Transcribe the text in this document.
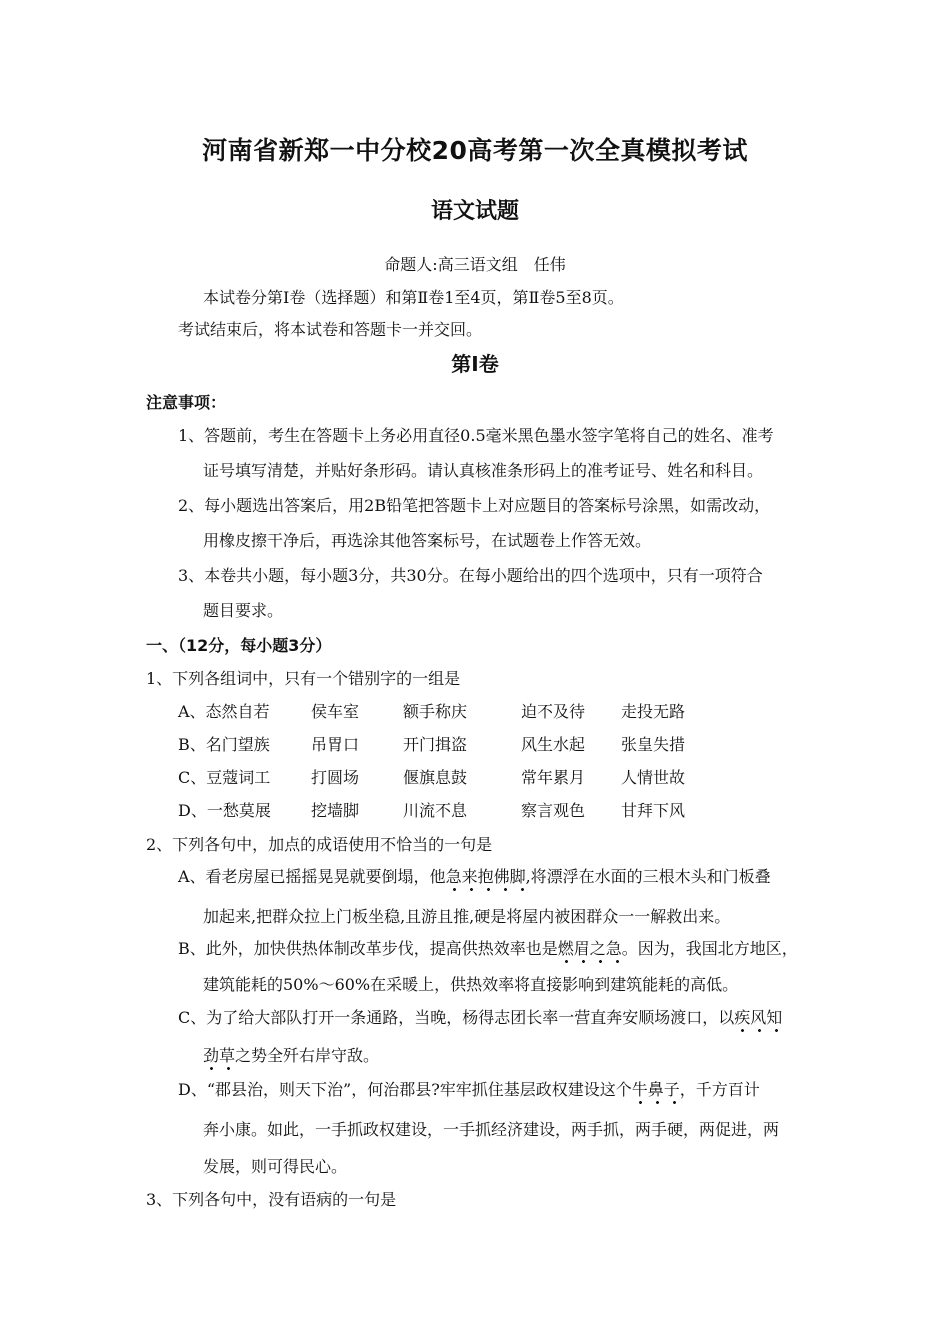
河南省新郑一中分校20高考第一次全真模拟考试
语文试题
命题人:高三语文组　任伟
本试卷分第Ⅰ卷（选择题）和第Ⅱ卷1至4页，第Ⅱ卷5至8页。
考试结束后，将本试卷和答题卡一并交回。
第Ⅰ卷
注意事项：
1、答题前，考生在答题卡上务必用直径0.5毫米黑色墨水签字笔将自己的姓名、准考
证号填写清楚，并贴好条形码。请认真核准条形码上的准考证号、姓名和科目。
2、每小题选出答案后，用2B铅笔把答题卡上对应题目的答案标号涂黑，如需改动，
用橡皮擦干净后，再选涂其他答案标号，在试题卷上作答无效。
3、本卷共小题，每小题3分，共30分。在每小题给出的四个选项中，只有一项符合
题目要求。
一、（12分，每小题3分）
1、下列各组词中，只有一个错别字的一组是
A、态然自若	侯车室	额手称庆	迫不及待 走投无路
B、名门望族	吊胃口	开门揖盗	风生水起 张皇失措
C、豆蔻词工	打圆场	偃旗息鼓	常年累月 人情世故
D、一愁莫展	挖墙脚	川流不息	察言观色 甘拜下风
2、下列各句中，加点的成语使用不恰当的一句是
A、看老房屋已摇摇晃晃就要倒塌，他急来抱佛脚,将漂浮在水面的三根木头和门板叠
加起来,把群众拉上门板坐稳,且游且推,硬是将屋内被困群众一一解救出来。
B、此外，加快供热体制改革步伐，提高供热效率也是燃眉之急。因为，我国北方地区，
建筑能耗的50%～60%在采暖上，供热效率将直接影响到建筑能耗的高低。
C、为了给大部队打开一条通路，当晚，杨得志团长率一营直奔安顺场渡口，以疾风知
劲草之势全歼右岸守敌。
D、“郡县治，则天下治”，何治郡县?牢牢抓住基层政权建设这个牛鼻子，千方百计
奔小康。如此，一手抓政权建设，一手抓经济建设，两手抓，两手硬，两促进，两
发展，则可得民心。
3、下列各句中，没有语病的一句是
